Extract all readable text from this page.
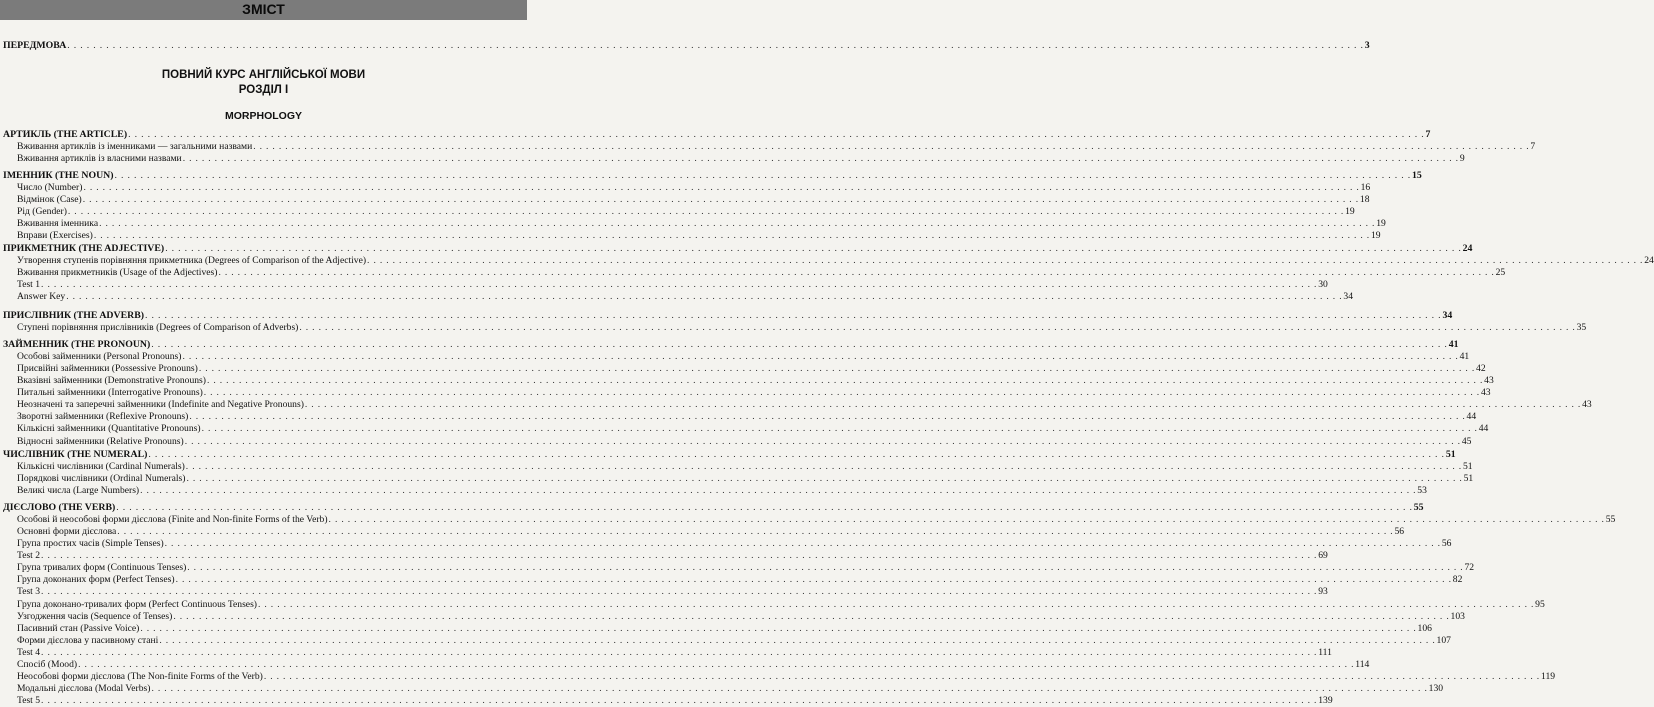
ЗМІСТ
ПЕРЕДМОВА . . . . . . . . . . . . . . . . . . . . . . . . . . . . . . . . . . . . . . . . . . . . . . . . . . . . . . . . . . . . . . . . . . . . . . . . . . . . . . . . . . . . . . . . . . . . . . . . . . . . . . . . . . . . . . . . . . . . . . . . . . . . . . . . . . . . . . . . . . . . . . . . . . . . . . . . . . . . . . . . . . . . . . . . . . . . . . . . . . . . . . . . . . . . . . . . . . . . . . . . 3
ПОВНИЙ КУРС АНГЛІЙСЬКОЇ МОВИ
РОЗДІЛ І
MORPHOLOGY
АРТИКЛЬ (THE ARTICLE) . . . . . . . . . . . . . . . . . . . . . . . . . . . . . . . . . . . . . . . . . . . . . . . . . . . . . . . . . . . . . . . . . . . . . . . . . . . . . . . . . . . . . . . . . . . . . . . . . . . . . . . . . . . . . . . . . . . . . . . . . . . . . . . . . . . . . . . . . . . . . . . . . . . . . . . . . . . . . . . . . . . . . . . . . . . . . . . . . . . . . . . . . . . . . . . . . . . . . . . . 7
Вживання артиклів із іменниками — загальними назвами . . . . . . . . . . . . . . . . . . . . . . . . . . . . . . . . . . . . . . . . . . . . . . . . . . . . . . . . . . . . . . . . . . . . . . . . . . . . . . . . . . . . . . . . . . . . . . . . . . . . . . . . . . . . . . . . . . . . . . . . . . . . . . . . . . . . . . . . . . . . . . . . . . . . . . . . . . . . . . . . . . . . . . . . . . . . . . . . . . . . . . . . . . . . . . . . . . . . . . . . 7
Вживання артиклів із власними назвами . . . . . . . . . . . . . . . . . . . . . . . . . . . . . . . . . . . . . . . . . . . . . . . . . . . . . . . . . . . . . . . . . . . . . . . . . . . . . . . . . . . . . . . . . . . . . . . . . . . . . . . . . . . . . . . . . . . . . . . . . . . . . . . . . . . . . . . . . . . . . . . . . . . . . . . . . . . . . . . . . . . . . . . . . . . . . . . . . . . . . . . . . . . . . . . . . . . . . . . . 9
ІМЕННИК (THE NOUN) . . . . . . . . . . . . . . . . . . . . . . . . . . . . . . . . . . . . . . . . . . . . . . . . . . . . . . . . . . . . . . . . . . . . . . . . . . . . . . . . . . . . . . . . . . . . . . . . . . . . . . . . . . . . . . . . . . . . . . . . . . . . . . . . . . . . . . . . . . . . . . . . . . . . . . . . . . . . . . . . . . . . . . . . . . . . . . . . . . . . . . . . . . . . . . . . . . . . . . . . 15
Число (Number) . . . . . . . . . . . . . . . . . . . . . . . . . . . . . . . . . . . . . . . . . . . . . . . . . . . . . . . . . . . . . . . . . . . . . . . . . . . . . . . . . . . . . . . . . . . . . . . . . . . . . . . . . . . . . . . . . . . . . . . . . . . . . . . . . . . . . . . . . . . . . . . . . . . . . . . . . . . . . . . . . . . . . . . . . . . . . . . . . . . . . . . . . . . . . . . . . . . . . . . . 16
Відмінок (Case) . . . . . . . . . . . . . . . . . . . . . . . . . . . . . . . . . . . . . . . . . . . . . . . . . . . . . . . . . . . . . . . . . . . . . . . . . . . . . . . . . . . . . . . . . . . . . . . . . . . . . . . . . . . . . . . . . . . . . . . . . . . . . . . . . . . . . . . . . . . . . . . . . . . . . . . . . . . . . . . . . . . . . . . . . . . . . . . . . . . . . . . . . . . . . . . . . . . . . . . . 18
Рід (Gender) . . . . . . . . . . . . . . . . . . . . . . . . . . . . . . . . . . . . . . . . . . . . . . . . . . . . . . . . . . . . . . . . . . . . . . . . . . . . . . . . . . . . . . . . . . . . . . . . . . . . . . . . . . . . . . . . . . . . . . . . . . . . . . . . . . . . . . . . . . . . . . . . . . . . . . . . . . . . . . . . . . . . . . . . . . . . . . . . . . . . . . . . . . . . . . . . . . . . . . . . 19
Вживання іменника . . . . . . . . . . . . . . . . . . . . . . . . . . . . . . . . . . . . . . . . . . . . . . . . . . . . . . . . . . . . . . . . . . . . . . . . . . . . . . . . . . . . . . . . . . . . . . . . . . . . . . . . . . . . . . . . . . . . . . . . . . . . . . . . . . . . . . . . . . . . . . . . . . . . . . . . . . . . . . . . . . . . . . . . . . . . . . . . . . . . . . . . . . . . . . . . . . . . . . . . 19
Вправи (Exercises) . . . . . . . . . . . . . . . . . . . . . . . . . . . . . . . . . . . . . . . . . . . . . . . . . . . . . . . . . . . . . . . . . . . . . . . . . . . . . . . . . . . . . . . . . . . . . . . . . . . . . . . . . . . . . . . . . . . . . . . . . . . . . . . . . . . . . . . . . . . . . . . . . . . . . . . . . . . . . . . . . . . . . . . . . . . . . . . . . . . . . . . . . . . . . . . . . . . . . . . . 19
ПРИКМЕТНИК (THE ADJECTIVE) . . . . . . . . . . . . . . . . . . . . . . . . . . . . . . . . . . . . . . . . . . . . . . . . . . . . . . . . . . . . . . . . . . . . . . . . . . . . . . . . . . . . . . . . . . . . . . . . . . . . . . . . . . . . . . . . . . . . . . . . . . . . . . . . . . . . . . . . . . . . . . . . . . . . . . . . . . . . . . . . . . . . . . . . . . . . . . . . . . . . . . . . . . . . . . . . . . . . . . . . 24
Утворення ступенів порівняння прикметника (Degrees of Comparison of the Adjective) . . . . . . . . . . . . . . . . . . . . . . . . . . . . . . . . . . . . . . . . . . . . . . . . . . . . . . . . . . . . . . . . . . . . . . . . . . . . . . . . . . . . . . . . . . . . . . . . . . . . . . . . . . . . . . . . . . . . . . . . . . . . . . . . . . . . . . . . . . . . . . . . . . . . . . . . . . . . . . . . . . . . . . . . . . . . . . . . . . . . . . . . . . . . . . . . . . . . . . . . 24
Вживання прикметників (Usage of the Adjectives) . . . . . . . . . . . . . . . . . . . . . . . . . . . . . . . . . . . . . . . . . . . . . . . . . . . . . . . . . . . . . . . . . . . . . . . . . . . . . . . . . . . . . . . . . . . . . . . . . . . . . . . . . . . . . . . . . . . . . . . . . . . . . . . . . . . . . . . . . . . . . . . . . . . . . . . . . . . . . . . . . . . . . . . . . . . . . . . . . . . . . . . . . . . . . . . . . . . . . . . . 25
Test 1 . . . . . . . . . . . . . . . . . . . . . . . . . . . . . . . . . . . . . . . . . . . . . . . . . . . . . . . . . . . . . . . . . . . . . . . . . . . . . . . . . . . . . . . . . . . . . . . . . . . . . . . . . . . . . . . . . . . . . . . . . . . . . . . . . . . . . . . . . . . . . . . . . . . . . . . . . . . . . . . . . . . . . . . . . . . . . . . . . . . . . . . . . . . . . . . . . . . . . . . . 30
Answer Key . . . . . . . . . . . . . . . . . . . . . . . . . . . . . . . . . . . . . . . . . . . . . . . . . . . . . . . . . . . . . . . . . . . . . . . . . . . . . . . . . . . . . . . . . . . . . . . . . . . . . . . . . . . . . . . . . . . . . . . . . . . . . . . . . . . . . . . . . . . . . . . . . . . . . . . . . . . . . . . . . . . . . . . . . . . . . . . . . . . . . . . . . . . . . . . . . . . . . . . . 34
ПРИСЛІВНИК (THE ADVERB) . . . . . . . . . . . . . . . . . . . . . . . . . . . . . . . . . . . . . . . . . . . . . . . . . . . . . . . . . . . . . . . . . . . . . . . . . . . . . . . . . . . . . . . . . . . . . . . . . . . . . . . . . . . . . . . . . . . . . . . . . . . . . . . . . . . . . . . . . . . . . . . . . . . . . . . . . . . . . . . . . . . . . . . . . . . . . . . . . . . . . . . . . . . . . . . . . . . . . . . . 34
Ступені порівняння прислівників (Degrees of Comparison of Adverbs) . . . . . . . . . . . . . . . . . . . . . . . . . . . . . . . . . . . . . . . . . . . . . . . . . . . . . . . . . . . . . . . . . . . . . . . . . . . . . . . . . . . . . . . . . . . . . . . . . . . . . . . . . . . . . . . . . . . . . . . . . . . . . . . . . . . . . . . . . . . . . . . . . . . . . . . . . . . . . . . . . . . . . . . . . . . . . . . . . . . . . . . . . . . . . . . . . . . . . . . . 35
ЗАЙМЕННИК (THE PRONOUN) . . . . . . . . . . . . . . . . . . . . . . . . . . . . . . . . . . . . . . . . . . . . . . . . . . . . . . . . . . . . . . . . . . . . . . . . . . . . . . . . . . . . . . . . . . . . . . . . . . . . . . . . . . . . . . . . . . . . . . . . . . . . . . . . . . . . . . . . . . . . . . . . . . . . . . . . . . . . . . . . . . . . . . . . . . . . . . . . . . . . . . . . . . . . . . . . . . . . . . . . 41
Особові займенники (Personal Pronouns) . . . . . . . . . . . . . . . . . . . . . . . . . . . . . . . . . . . . . . . . . . . . . . . . . . . . . . . . . . . . . . . . . . . . . . . . . . . . . . . . . . . . . . . . . . . . . . . . . . . . . . . . . . . . . . . . . . . . . . . . . . . . . . . . . . . . . . . . . . . . . . . . . . . . . . . . . . . . . . . . . . . . . . . . . . . . . . . . . . . . . . . . . . . . . . . . . . . . . . . . 41
Присвійні займенники (Possessive Pronouns) . . . . . . . . . . . . . . . . . . . . . . . . . . . . . . . . . . . . . . . . . . . . . . . . . . . . . . . . . . . . . . . . . . . . . . . . . . . . . . . . . . . . . . . . . . . . . . . . . . . . . . . . . . . . . . . . . . . . . . . . . . . . . . . . . . . . . . . . . . . . . . . . . . . . . . . . . . . . . . . . . . . . . . . . . . . . . . . . . . . . . . . . . . . . . . . . . . . . . . . . 42
Вказівні займенники (Demonstrative Pronouns) . . . . . . . . . . . . . . . . . . . . . . . . . . . . . . . . . . . . . . . . . . . . . . . . . . . . . . . . . . . . . . . . . . . . . . . . . . . . . . . . . . . . . . . . . . . . . . . . . . . . . . . . . . . . . . . . . . . . . . . . . . . . . . . . . . . . . . . . . . . . . . . . . . . . . . . . . . . . . . . . . . . . . . . . . . . . . . . . . . . . . . . . . . . . . . . . . . . . . . . . 43
Питальні займенники (Interrogative Pronouns) . . . . . . . . . . . . . . . . . . . . . . . . . . . . . . . . . . . . . . . . . . . . . . . . . . . . . . . . . . . . . . . . . . . . . . . . . . . . . . . . . . . . . . . . . . . . . . . . . . . . . . . . . . . . . . . . . . . . . . . . . . . . . . . . . . . . . . . . . . . . . . . . . . . . . . . . . . . . . . . . . . . . . . . . . . . . . . . . . . . . . . . . . . . . . . . . . . . . . . . . 43
Неозначені та заперечні займенники (Indefinite and Negative Pronouns) . . . . . . . . . . . . . . . . . . . . . . . . . . . . . . . . . . . . . . . . . . . . . . . . . . . . . . . . . . . . . . . . . . . . . . . . . . . . . . . . . . . . . . . . . . . . . . . . . . . . . . . . . . . . . . . . . . . . . . . . . . . . . . . . . . . . . . . . . . . . . . . . . . . . . . . . . . . . . . . . . . . . . . . . . . . . . . . . . . . . . . . . . . . . . . . . . . . . . . . . 43
Зворотні займенники (Reflexive Pronouns) . . . . . . . . . . . . . . . . . . . . . . . . . . . . . . . . . . . . . . . . . . . . . . . . . . . . . . . . . . . . . . . . . . . . . . . . . . . . . . . . . . . . . . . . . . . . . . . . . . . . . . . . . . . . . . . . . . . . . . . . . . . . . . . . . . . . . . . . . . . . . . . . . . . . . . . . . . . . . . . . . . . . . . . . . . . . . . . . . . . . . . . . . . . . . . . . . . . . . . . . 44
Кількісні займенники (Quantitative Pronouns) . . . . . . . . . . . . . . . . . . . . . . . . . . . . . . . . . . . . . . . . . . . . . . . . . . . . . . . . . . . . . . . . . . . . . . . . . . . . . . . . . . . . . . . . . . . . . . . . . . . . . . . . . . . . . . . . . . . . . . . . . . . . . . . . . . . . . . . . . . . . . . . . . . . . . . . . . . . . . . . . . . . . . . . . . . . . . . . . . . . . . . . . . . . . . . . . . . . . . . . . 44
Відносні займенники (Relative Pronouns) . . . . . . . . . . . . . . . . . . . . . . . . . . . . . . . . . . . . . . . . . . . . . . . . . . . . . . . . . . . . . . . . . . . . . . . . . . . . . . . . . . . . . . . . . . . . . . . . . . . . . . . . . . . . . . . . . . . . . . . . . . . . . . . . . . . . . . . . . . . . . . . . . . . . . . . . . . . . . . . . . . . . . . . . . . . . . . . . . . . . . . . . . . . . . . . . . . . . . . . . 45
ЧИСЛІВНИК (THE NUMERAL) . . . . . . . . . . . . . . . . . . . . . . . . . . . . . . . . . . . . . . . . . . . . . . . . . . . . . . . . . . . . . . . . . . . . . . . . . . . . . . . . . . . . . . . . . . . . . . . . . . . . . . . . . . . . . . . . . . . . . . . . . . . . . . . . . . . . . . . . . . . . . . . . . . . . . . . . . . . . . . . . . . . . . . . . . . . . . . . . . . . . . . . . . . . . . . . . . . . . . . . . 51
Кількісні числівники (Cardinal Numerals) . . . . . . . . . . . . . . . . . . . . . . . . . . . . . . . . . . . . . . . . . . . . . . . . . . . . . . . . . . . . . . . . . . . . . . . . . . . . . . . . . . . . . . . . . . . . . . . . . . . . . . . . . . . . . . . . . . . . . . . . . . . . . . . . . . . . . . . . . . . . . . . . . . . . . . . . . . . . . . . . . . . . . . . . . . . . . . . . . . . . . . . . . . . . . . . . . . . . . . . . 51
Порядкові числівники (Ordinal Numerals) . . . . . . . . . . . . . . . . . . . . . . . . . . . . . . . . . . . . . . . . . . . . . . . . . . . . . . . . . . . . . . . . . . . . . . . . . . . . . . . . . . . . . . . . . . . . . . . . . . . . . . . . . . . . . . . . . . . . . . . . . . . . . . . . . . . . . . . . . . . . . . . . . . . . . . . . . . . . . . . . . . . . . . . . . . . . . . . . . . . . . . . . . . . . . . . . . . . . . . . . 51
Великі числа (Large Numbers) . . . . . . . . . . . . . . . . . . . . . . . . . . . . . . . . . . . . . . . . . . . . . . . . . . . . . . . . . . . . . . . . . . . . . . . . . . . . . . . . . . . . . . . . . . . . . . . . . . . . . . . . . . . . . . . . . . . . . . . . . . . . . . . . . . . . . . . . . . . . . . . . . . . . . . . . . . . . . . . . . . . . . . . . . . . . . . . . . . . . . . . . . . . . . . . . . . . . . . . . 53
ДІЄСЛОВО (THE VERB) . . . . . . . . . . . . . . . . . . . . . . . . . . . . . . . . . . . . . . . . . . . . . . . . . . . . . . . . . . . . . . . . . . . . . . . . . . . . . . . . . . . . . . . . . . . . . . . . . . . . . . . . . . . . . . . . . . . . . . . . . . . . . . . . . . . . . . . . . . . . . . . . . . . . . . . . . . . . . . . . . . . . . . . . . . . . . . . . . . . . . . . . . . . . . . . . . . . . . . . . 55
Особові й неособові форми дієслова (Finite and Non-finite Forms of the Verb) . . . . . . . . . . . . . . . . . . . . . . . . . . . . . . . . . . . . . . . . . . . . . . . . . . . . . . . . . . . . . . . . . . . . . . . . . . . . . . . . . . . . . . . . . . . . . . . . . . . . . . . . . . . . . . . . . . . . . . . . . . . . . . . . . . . . . . . . . . . . . . . . . . . . . . . . . . . . . . . . . . . . . . . . . . . . . . . . . . . . . . . . . . . . . . . . . . . . . . . . 55
Основні форми дієслова . . . . . . . . . . . . . . . . . . . . . . . . . . . . . . . . . . . . . . . . . . . . . . . . . . . . . . . . . . . . . . . . . . . . . . . . . . . . . . . . . . . . . . . . . . . . . . . . . . . . . . . . . . . . . . . . . . . . . . . . . . . . . . . . . . . . . . . . . . . . . . . . . . . . . . . . . . . . . . . . . . . . . . . . . . . . . . . . . . . . . . . . . . . . . . . . . . . . . . . . 56
Група простих часів (Simple Tenses) . . . . . . . . . . . . . . . . . . . . . . . . . . . . . . . . . . . . . . . . . . . . . . . . . . . . . . . . . . . . . . . . . . . . . . . . . . . . . . . . . . . . . . . . . . . . . . . . . . . . . . . . . . . . . . . . . . . . . . . . . . . . . . . . . . . . . . . . . . . . . . . . . . . . . . . . . . . . . . . . . . . . . . . . . . . . . . . . . . . . . . . . . . . . . . . . . . . . . . . . 56
Test 2 . . . . . . . . . . . . . . . . . . . . . . . . . . . . . . . . . . . . . . . . . . . . . . . . . . . . . . . . . . . . . . . . . . . . . . . . . . . . . . . . . . . . . . . . . . . . . . . . . . . . . . . . . . . . . . . . . . . . . . . . . . . . . . . . . . . . . . . . . . . . . . . . . . . . . . . . . . . . . . . . . . . . . . . . . . . . . . . . . . . . . . . . . . . . . . . . . . . . . . . . 69
Група тривалих форм (Continuous Tenses) . . . . . . . . . . . . . . . . . . . . . . . . . . . . . . . . . . . . . . . . . . . . . . . . . . . . . . . . . . . . . . . . . . . . . . . . . . . . . . . . . . . . . . . . . . . . . . . . . . . . . . . . . . . . . . . . . . . . . . . . . . . . . . . . . . . . . . . . . . . . . . . . . . . . . . . . . . . . . . . . . . . . . . . . . . . . . . . . . . . . . . . . . . . . . . . . . . . . . . . . 72
Група доконаних форм (Perfect Tenses) . . . . . . . . . . . . . . . . . . . . . . . . . . . . . . . . . . . . . . . . . . . . . . . . . . . . . . . . . . . . . . . . . . . . . . . . . . . . . . . . . . . . . . . . . . . . . . . . . . . . . . . . . . . . . . . . . . . . . . . . . . . . . . . . . . . . . . . . . . . . . . . . . . . . . . . . . . . . . . . . . . . . . . . . . . . . . . . . . . . . . . . . . . . . . . . . . . . . . . . . 82
Test 3 . . . . . . . . . . . . . . . . . . . . . . . . . . . . . . . . . . . . . . . . . . . . . . . . . . . . . . . . . . . . . . . . . . . . . . . . . . . . . . . . . . . . . . . . . . . . . . . . . . . . . . . . . . . . . . . . . . . . . . . . . . . . . . . . . . . . . . . . . . . . . . . . . . . . . . . . . . . . . . . . . . . . . . . . . . . . . . . . . . . . . . . . . . . . . . . . . . . . . . . . 93
Група доконано-тривалих форм (Perfect Continuous Tenses) . . . . . . . . . . . . . . . . . . . . . . . . . . . . . . . . . . . . . . . . . . . . . . . . . . . . . . . . . . . . . . . . . . . . . . . . . . . . . . . . . . . . . . . . . . . . . . . . . . . . . . . . . . . . . . . . . . . . . . . . . . . . . . . . . . . . . . . . . . . . . . . . . . . . . . . . . . . . . . . . . . . . . . . . . . . . . . . . . . . . . . . . . . . . . . . . . . . . . . . . 95
Узгодження часів (Sequence of Tenses) . . . . . . . . . . . . . . . . . . . . . . . . . . . . . . . . . . . . . . . . . . . . . . . . . . . . . . . . . . . . . . . . . . . . . . . . . . . . . . . . . . . . . . . . . . . . . . . . . . . . . . . . . . . . . . . . . . . . . . . . . . . . . . . . . . . . . . . . . . . . . . . . . . . . . . . . . . . . . . . . . . . . . . . . . . . . . . . . . . . . . . . . . . . . . . . . . . . . . . . . 103
Пасивний стан (Passive Voice) . . . . . . . . . . . . . . . . . . . . . . . . . . . . . . . . . . . . . . . . . . . . . . . . . . . . . . . . . . . . . . . . . . . . . . . . . . . . . . . . . . . . . . . . . . . . . . . . . . . . . . . . . . . . . . . . . . . . . . . . . . . . . . . . . . . . . . . . . . . . . . . . . . . . . . . . . . . . . . . . . . . . . . . . . . . . . . . . . . . . . . . . . . . . . . . . . . . . . . . . 106
Форми дієслова у пасивному стані . . . . . . . . . . . . . . . . . . . . . . . . . . . . . . . . . . . . . . . . . . . . . . . . . . . . . . . . . . . . . . . . . . . . . . . . . . . . . . . . . . . . . . . . . . . . . . . . . . . . . . . . . . . . . . . . . . . . . . . . . . . . . . . . . . . . . . . . . . . . . . . . . . . . . . . . . . . . . . . . . . . . . . . . . . . . . . . . . . . . . . . . . . . . . . . . . . . . . . . . 107
Test 4 . . . . . . . . . . . . . . . . . . . . . . . . . . . . . . . . . . . . . . . . . . . . . . . . . . . . . . . . . . . . . . . . . . . . . . . . . . . . . . . . . . . . . . . . . . . . . . . . . . . . . . . . . . . . . . . . . . . . . . . . . . . . . . . . . . . . . . . . . . . . . . . . . . . . . . . . . . . . . . . . . . . . . . . . . . . . . . . . . . . . . . . . . . . . . . . . . . . . . . . . 111
Спосіб (Mood) . . . . . . . . . . . . . . . . . . . . . . . . . . . . . . . . . . . . . . . . . . . . . . . . . . . . . . . . . . . . . . . . . . . . . . . . . . . . . . . . . . . . . . . . . . . . . . . . . . . . . . . . . . . . . . . . . . . . . . . . . . . . . . . . . . . . . . . . . . . . . . . . . . . . . . . . . . . . . . . . . . . . . . . . . . . . . . . . . . . . . . . . . . . . . . . . . . . . . . . . 114
Неособові форми дієслова (The Non-finite Forms of the Verb) . . . . . . . . . . . . . . . . . . . . . . . . . . . . . . . . . . . . . . . . . . . . . . . . . . . . . . . . . . . . . . . . . . . . . . . . . . . . . . . . . . . . . . . . . . . . . . . . . . . . . . . . . . . . . . . . . . . . . . . . . . . . . . . . . . . . . . . . . . . . . . . . . . . . . . . . . . . . . . . . . . . . . . . . . . . . . . . . . . . . . . . . . . . . . . . . . . . . . . . . 119
Модальні дієслова (Modal Verbs) . . . . . . . . . . . . . . . . . . . . . . . . . . . . . . . . . . . . . . . . . . . . . . . . . . . . . . . . . . . . . . . . . . . . . . . . . . . . . . . . . . . . . . . . . . . . . . . . . . . . . . . . . . . . . . . . . . . . . . . . . . . . . . . . . . . . . . . . . . . . . . . . . . . . . . . . . . . . . . . . . . . . . . . . . . . . . . . . . . . . . . . . . . . . . . . . . . . . . . . . 130
Test 5 . . . . . . . . . . . . . . . . . . . . . . . . . . . . . . . . . . . . . . . . . . . . . . . . . . . . . . . . . . . . . . . . . . . . . . . . . . . . . . . . . . . . . . . . . . . . . . . . . . . . . . . . . . . . . . . . . . . . . . . . . . . . . . . . . . . . . . . . . . . . . . . . . . . . . . . . . . . . . . . . . . . . . . . . . . . . . . . . . . . . . . . . . . . . . . . . . . . . . . . . 139
